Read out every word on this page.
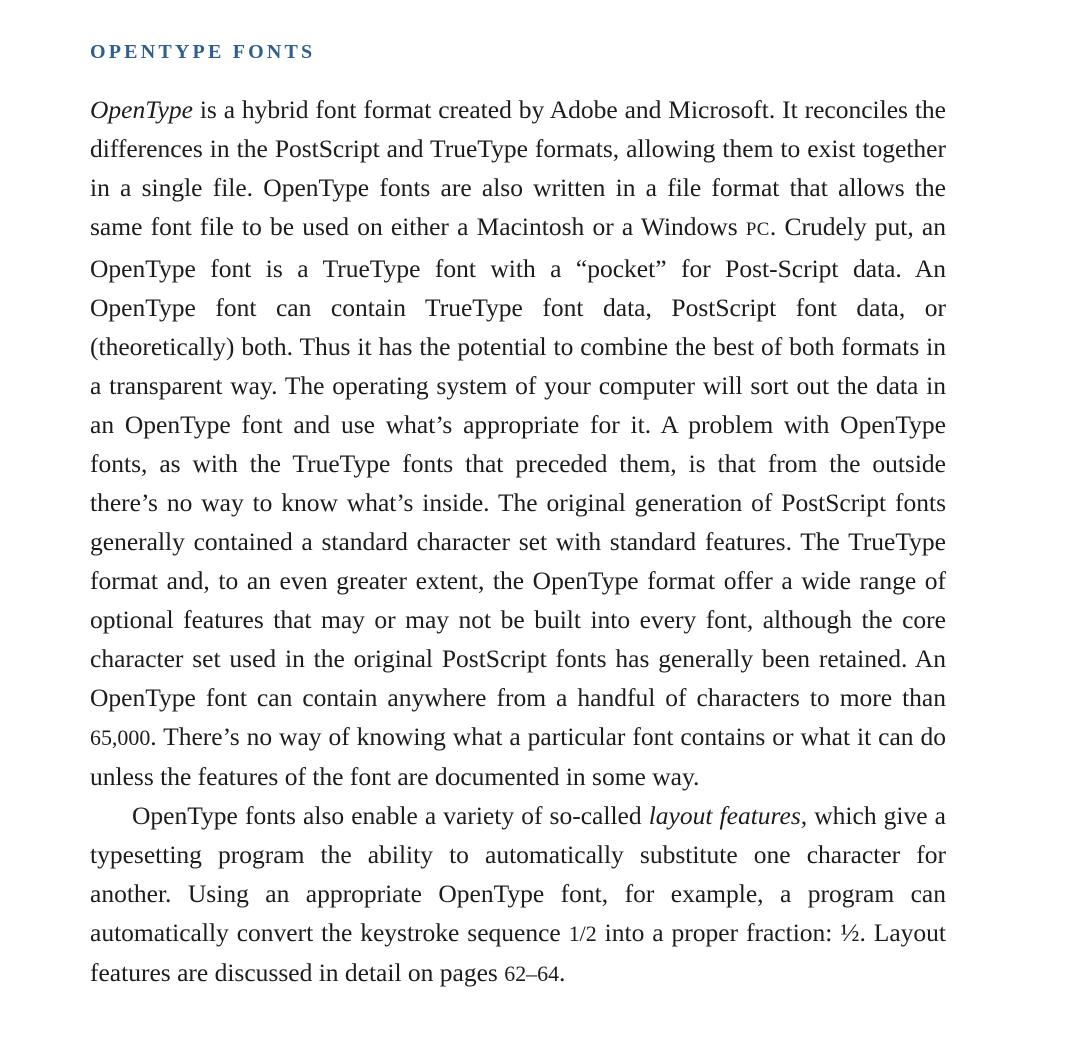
OPENTYPE FONTS

OpenType is a hybrid font format created by Adobe and Microsoft. It reconciles the differences in the PostScript and TrueType formats, allowing them to exist together in a single file. OpenType fonts are also written in a file format that allows the same font file to be used on either a Macintosh or a Windows PC. Crudely put, an OpenType font is a TrueType font with a “pocket” for Post-Script data. An OpenType font can contain TrueType font data, PostScript font data, or (theoretically) both. Thus it has the potential to combine the best of both formats in a transparent way. The operating system of your computer will sort out the data in an OpenType font and use what’s appropriate for it. A problem with OpenType fonts, as with the TrueType fonts that preceded them, is that from the outside there’s no way to know what’s inside. The original generation of PostScript fonts generally contained a standard character set with standard features. The TrueType format and, to an even greater extent, the OpenType format offer a wide range of optional features that may or may not be built into every font, although the core character set used in the original PostScript fonts has generally been retained. An OpenType font can contain anywhere from a handful of characters to more than 65,000. There’s no way of knowing what a particular font contains or what it can do unless the features of the font are documented in some way.

OpenType fonts also enable a variety of so-called layout features, which give a typesetting program the ability to automatically substitute one character for another. Using an appropriate OpenType font, for example, a program can automatically convert the keystroke sequence 1/2 into a proper fraction: ½. Layout features are discussed in detail on pages 62–64.
